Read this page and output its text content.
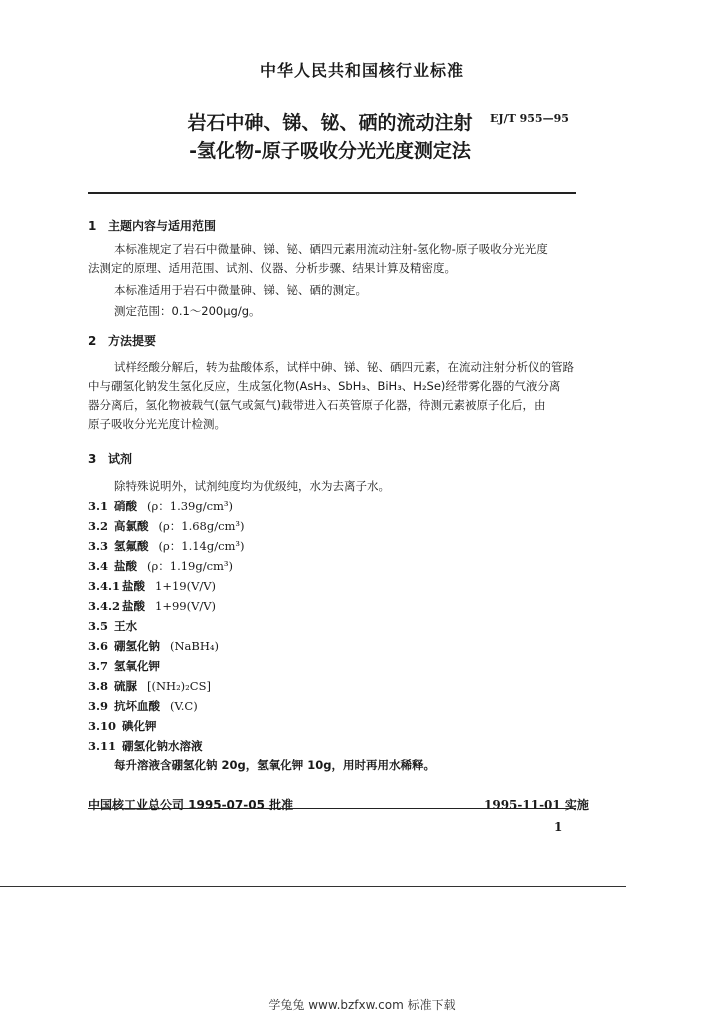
中华人民共和国核行业标准
岩石中砷、锑、铋、硒的流动注射
-氢化物-原子吸收分光光度测定法
EJ/T 955—95
1 主题内容与适用范围
本标准规定了岩石中微量砷、锑、铋、硒四元素用流动注射-氢化物-原子吸收分光光度
法测定的原理、适用范围、试剂、仪器、分析步骤、结果计算及精密度。
本标准适用于岩石中微量砷、锑、铋、硒的测定。
测定范围：0.1～200μg/g。
2 方法提要
试样经酸分解后，转为盐酸体系，试样中砷、锑、铋、硒四元素，在流动注射分析仪的管路
中与硼氢化钠发生氢化反应，生成氢化物(AsH₃、SbH₃、BiH₃、H₂Se)经带雾化器的气液分离
器分离后，氢化物被载气(氩气或氮气)载带进入石英管原子化器，待测元素被原子化后，由
原子吸收分光光度计检测。
3 试剂
除特殊说明外，试剂纯度均为优级纯，水为去离子水。
3.1 硝酸 (ρ：1.39g/cm³)
3.2 高氯酸 (ρ：1.68g/cm³)
3.3 氢氟酸 (ρ：1.14g/cm³)
3.4 盐酸 (ρ：1.19g/cm³)
3.4.1 盐酸 1+19(V/V)
3.4.2 盐酸 1+99(V/V)
3.5 王水
3.6 硼氢化钠 (NaBH₄)
3.7 氢氧化钾
3.8 硫脲 [(NH₂)₂CS]
3.9 抗坏血酸 (V.C)
3.10 碘化钾
3.11 硼氢化钠水溶液
每升溶液含硼氢化钠 20g，氢氧化钾 10g，用时再用水稀释。
中国核工业总公司 1995-07-05 批准	1995-11-01 实施
1
学兔兔 www.bzfxw.com 标准下载
